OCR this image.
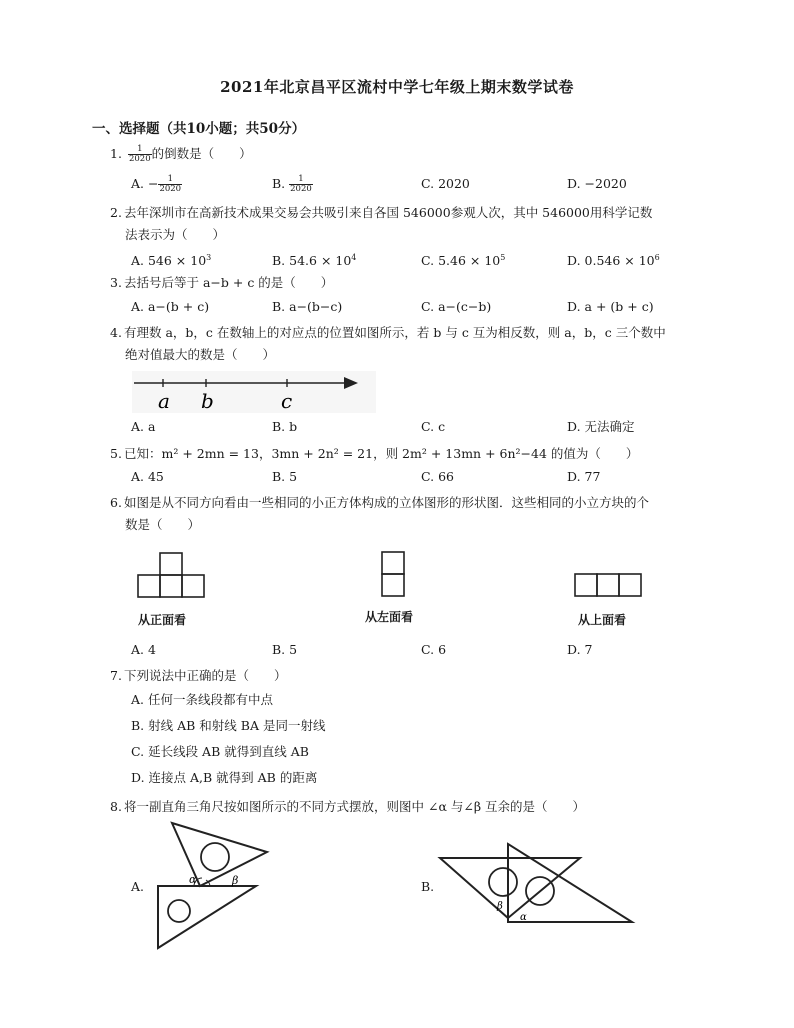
2021年北京昌平区流村中学七年级上期末数学试卷
一、选择题（共10小题；共50分）
1. $\frac{1}{2020}$ 的倒数是（　　）
A. − $\frac{1}{2020}$	B. $\frac{1}{2020}$	C. 2020	D. −2020
2. 去年深圳市在高新技术成果交易会共吸引来自各国 546000参观人次，其中 546000用科学记数
法表示为（　　）
A. $546 \times 10^3$	B. $54.6 \times 10^4$	C. $5.46 \times 10^5$	D. $0.546 \times 10^6$
3. 去括号后等于 a−b + c 的是（　　）
A. a−(b + c)	B. a−(b−c)	C. a−(c−b)	D. a + (b + c)
4. 有理数 a，b，c 在数轴上的对应点的位置如图所示，若 b 与 c 互为相反数，则 a，b，c 三个数中
绝对值最大的数是（　　）
a b	c
A. a	B. b	C. c	D. 无法确定
5. 已知：m² + 2mn = 13，3mn + 2n² = 21，则 2m² + 13mn + 6n²−44 的值为（　　）
A. 45	B. 5	C. 66	D. 77
6. 如图是从不同方向看由一些相同的小正方体构成的立体图形的形状图．这些相同的小立方块的个
数是（　　）
从正面看	从左面看	从上面看
A. 4	B. 5	C. 6	D. 7
7. 下列说法中正确的是（　　）
A. 任何一条线段都有中点
B. 射线 AB 和射线 BA 是同一射线
C. 延长线段 AB 就得到直线 AB
D. 连接点 A,B 就得到 AB 的距离
8. 将一副直角三角尺按如图所示的不同方式摆放，则图中 ∠α 与∠β 互余的是（　　）
A.	α	β	B.
β
α
